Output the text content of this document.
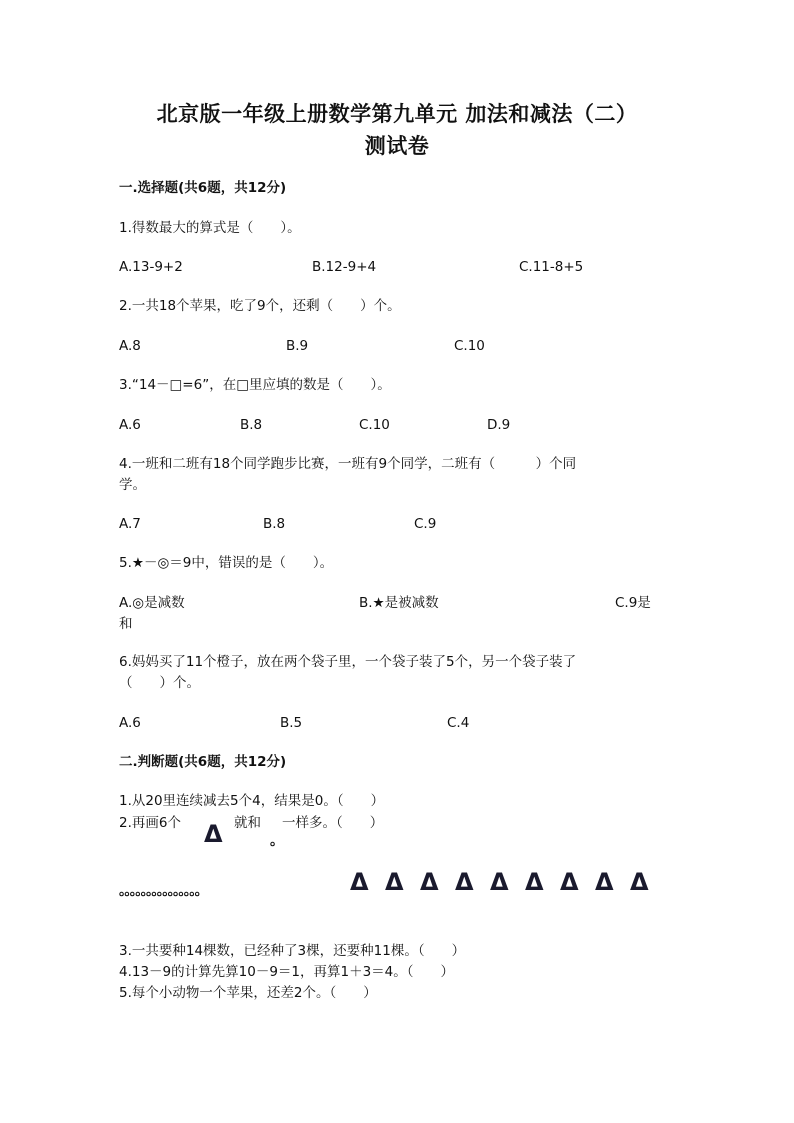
北京版一年级上册数学第九单元 加法和减法（二）
测试卷
一.选择题(共6题，共12分)
1.得数最大的算式是（　　）。
A.13-9+2	B.12-9+4	C.11-8+5
2.一共18个苹果，吃了9个，还剩（　　）个。
A.8	B.9	C.10
3.“14－□=6”，在□里应填的数是（　　）。
A.6	B.8	C.10	D.9
4.一班和二班有18个同学跑步比赛，一班有9个同学，二班有（　　　）个同
学。
A.7	B.8	C.9
5.★－◎＝9中，错误的是（　　）。
A.◎是减数	B.★是被减数	C.9是
和
6.妈妈买了11个橙子，放在两个袋子里，一个袋子装了5个，另一个袋子装了
（　　）个。
A.6	B.5	C.4
二.判断题(共6题，共12分)
1.从20里连续减去5个4，结果是0。（　　）
2.再画6个 Δ 就和
。
一样多。（　　）
。。。。。。。。。。。。。。。	Δ Δ Δ Δ Δ Δ Δ Δ Δ
3.一共要种14棵数，已经种了3棵，还要种11棵。（　　）
4.13－9的计算先算10－9＝1，再算1＋3＝4。（　　）
5.每个小动物一个苹果，还差2个。（　　）
